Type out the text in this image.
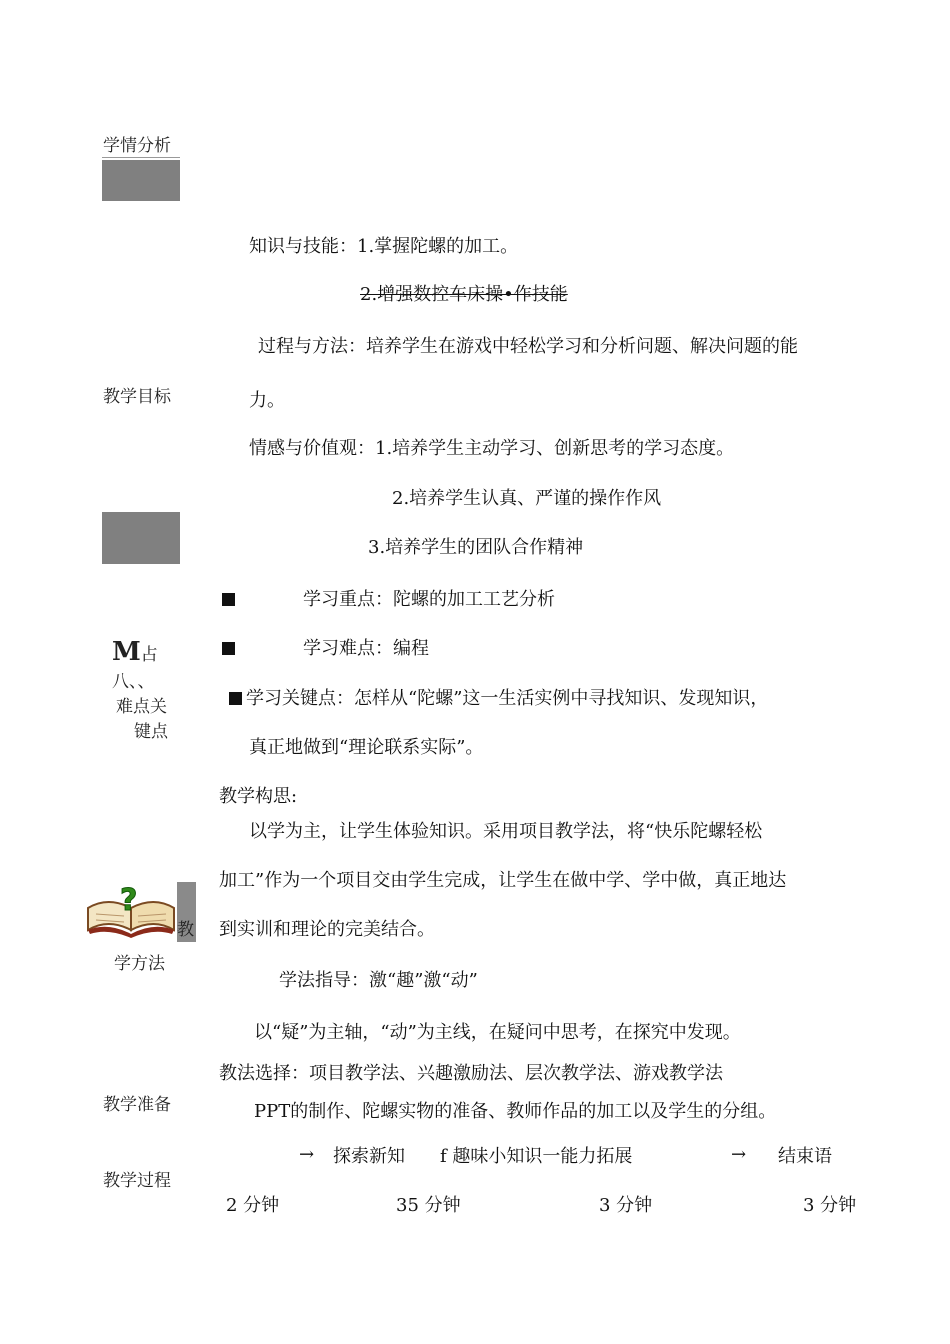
学情分析
教学目标
M占
八、、
难点关
键点
?
教
学方法
教学准备
教学过程
知识与技能：1.掌握陀螺的加工。
2.增强数控车床操•作技能
过程与方法：培养学生在游戏中轻松学习和分析问题、解决问题的能
力。
情感与价值观：1.培养学生主动学习、创新思考的学习态度。
2.培养学生认真、严谨的操作作风
3.培养学生的团队合作精神
学习重点：陀螺的加工工艺分析
学习难点：编程
学习关键点：怎样从“陀螺”这一生活实例中寻找知识、发现知识，
真正地做到“理论联系实际”。
教学构思:
以学为主，让学生体验知识。采用项目教学法，将“快乐陀螺轻松
加工”作为一个项目交由学生完成，让学生在做中学、学中做，真正地达
到实训和理论的完美结合。
学法指导：激“趣”激“动”
以“疑”为主轴，“动”为主线，在疑问中思考，在探究中发现。
教法选择：项目教学法、兴趣激励法、层次教学法、游戏教学法
PPT的制作、陀螺实物的准备、教师作品的加工以及学生的分组。
→ 探索新知 f 趣味小知识一能力拓展	→ 结束语
2 分钟	35 分钟	3 分钟	3 分钟
